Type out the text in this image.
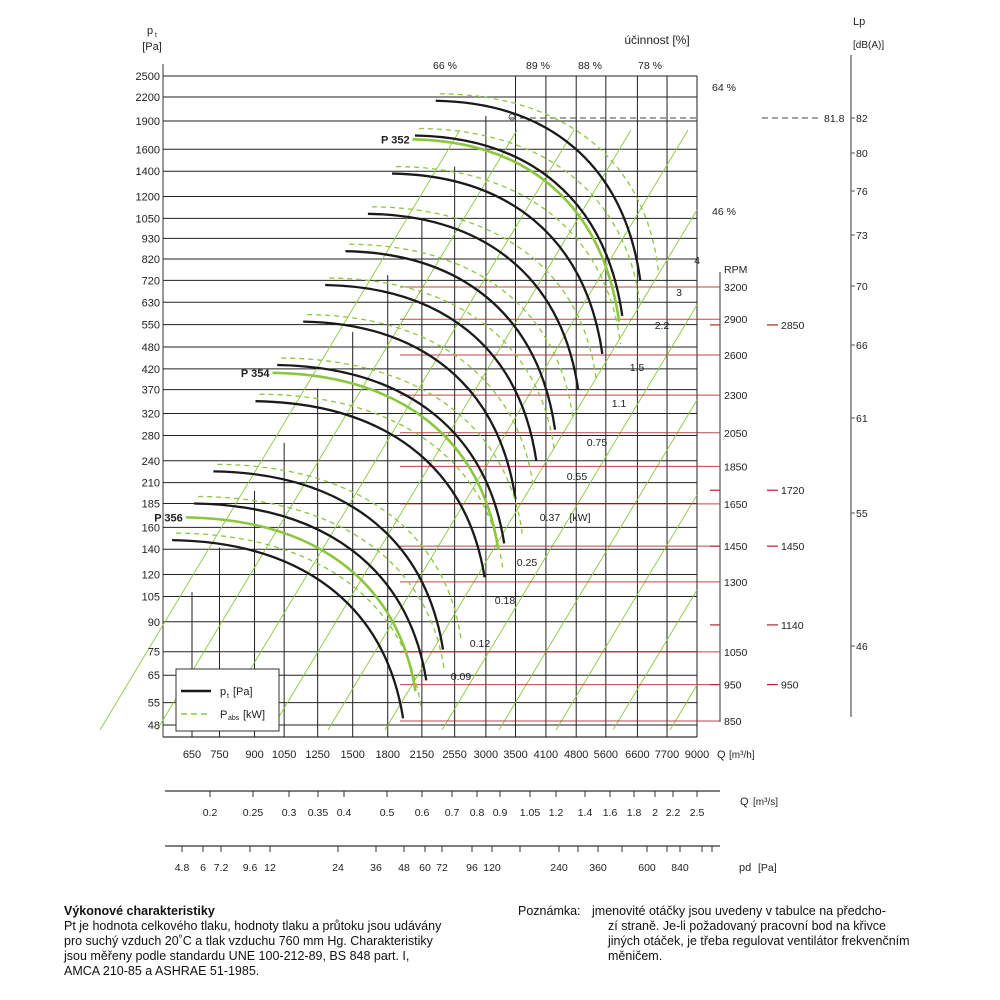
2500
2200
1900
1600
1400
1200
1050
930
820
720
630
550
480
420
370
320
280
240
210
185
160
140
120
105
90
75
65
55
48
650 750 900 1050 1250 1500 1800 2150 2550 3000 3500 4100 4800 5600 6600 7700 9000 Q [m³/h]
p t
[Pa]
66 %	89 %	88 %	78 %
64 %
46 %
účinnost [%]
RPM
3200
2900
2600
2300
2050
1850
1650
1450
1300
1050
950
850
2850
1720
1450
1140
950
Lp
[dB(A)]
82
80
76
73
70
66
61
55
46
81.8
P 352
P 354
P 356
4
3
2.2
1.5
1.1
0.75
0.55
0.37
0.25
0.18
0.12
0.09
[kW]
p t [Pa]
P abs [kW]
0.2 0.25 0.3 0.35 0.4	0.5 0.6 0.7 0.8 0.9 1.05 1.2 1.4 1.6 1.8 2 2.2 2.5
Q [m³/s]
4.8 6 7.2 9.6 12	24	36 48 60 72 96 120	240 360	600 840	pd [Pa]
Výkonové charakteristiky
Pt je hodnota celkového tlaku, hodnoty tlaku a průtoku jsou udávány
pro suchý vzduch 20˚C a tlak vzduchu 760 mm Hg. Charakteristiky
jsou měřeny podle standardu UNE 100-212-89, BS 848 part. I,
AMCA 210-85 a ASHRAE 51-1985.
Poznámka: jmenovité otáčky jsou uvedeny v tabulce na předcho-
zí straně. Je-li požadovaný pracovní bod na křivce
jiných otáček, je třeba regulovat ventilátor frekvenčním
měničem.
